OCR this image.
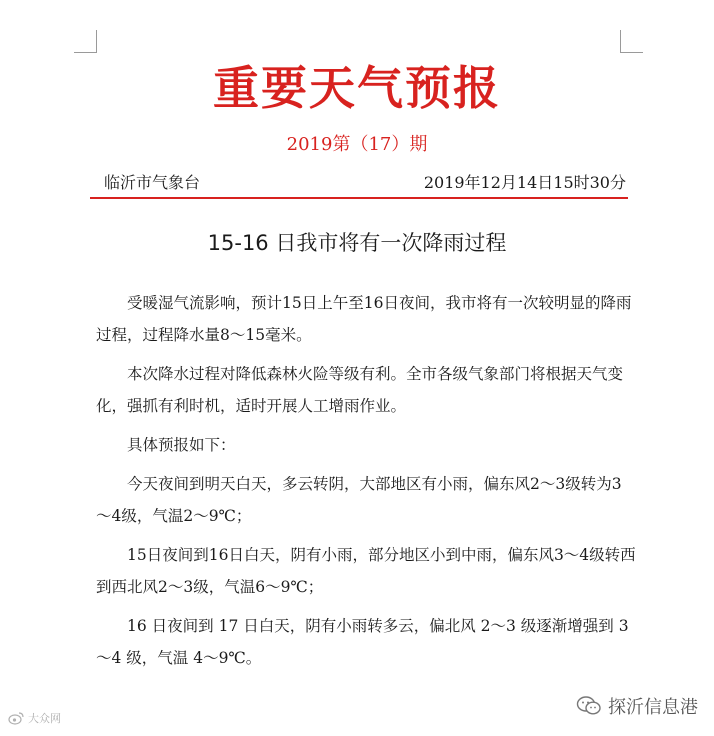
重要天气预报
2019第（17）期
临沂市气象台	2019年12月14日15时30分
15-16 日我市将有一次降雨过程

受暖湿气流影响，预计15日上午至16日夜间，我市将有一次较明显的降雨过程，过程降水量8～15毫米。

本次降水过程对降低森林火险等级有利。全市各级气象部门将根据天气变化，强抓有利时机，适时开展人工增雨作业。

具体预报如下：

今天夜间到明天白天，多云转阴，大部地区有小雨，偏东风2～3级转为3～4级，气温2～9℃；

15日夜间到16日白天，阴有小雨，部分地区小到中雨，偏东风3～4级转西到西北风2～3级，气温6～9℃；

16 日夜间到 17 日白天，阴有小雨转多云，偏北风 2～3 级逐渐增强到 3～4 级，气温 4～9℃。

大众网
探沂信息港
